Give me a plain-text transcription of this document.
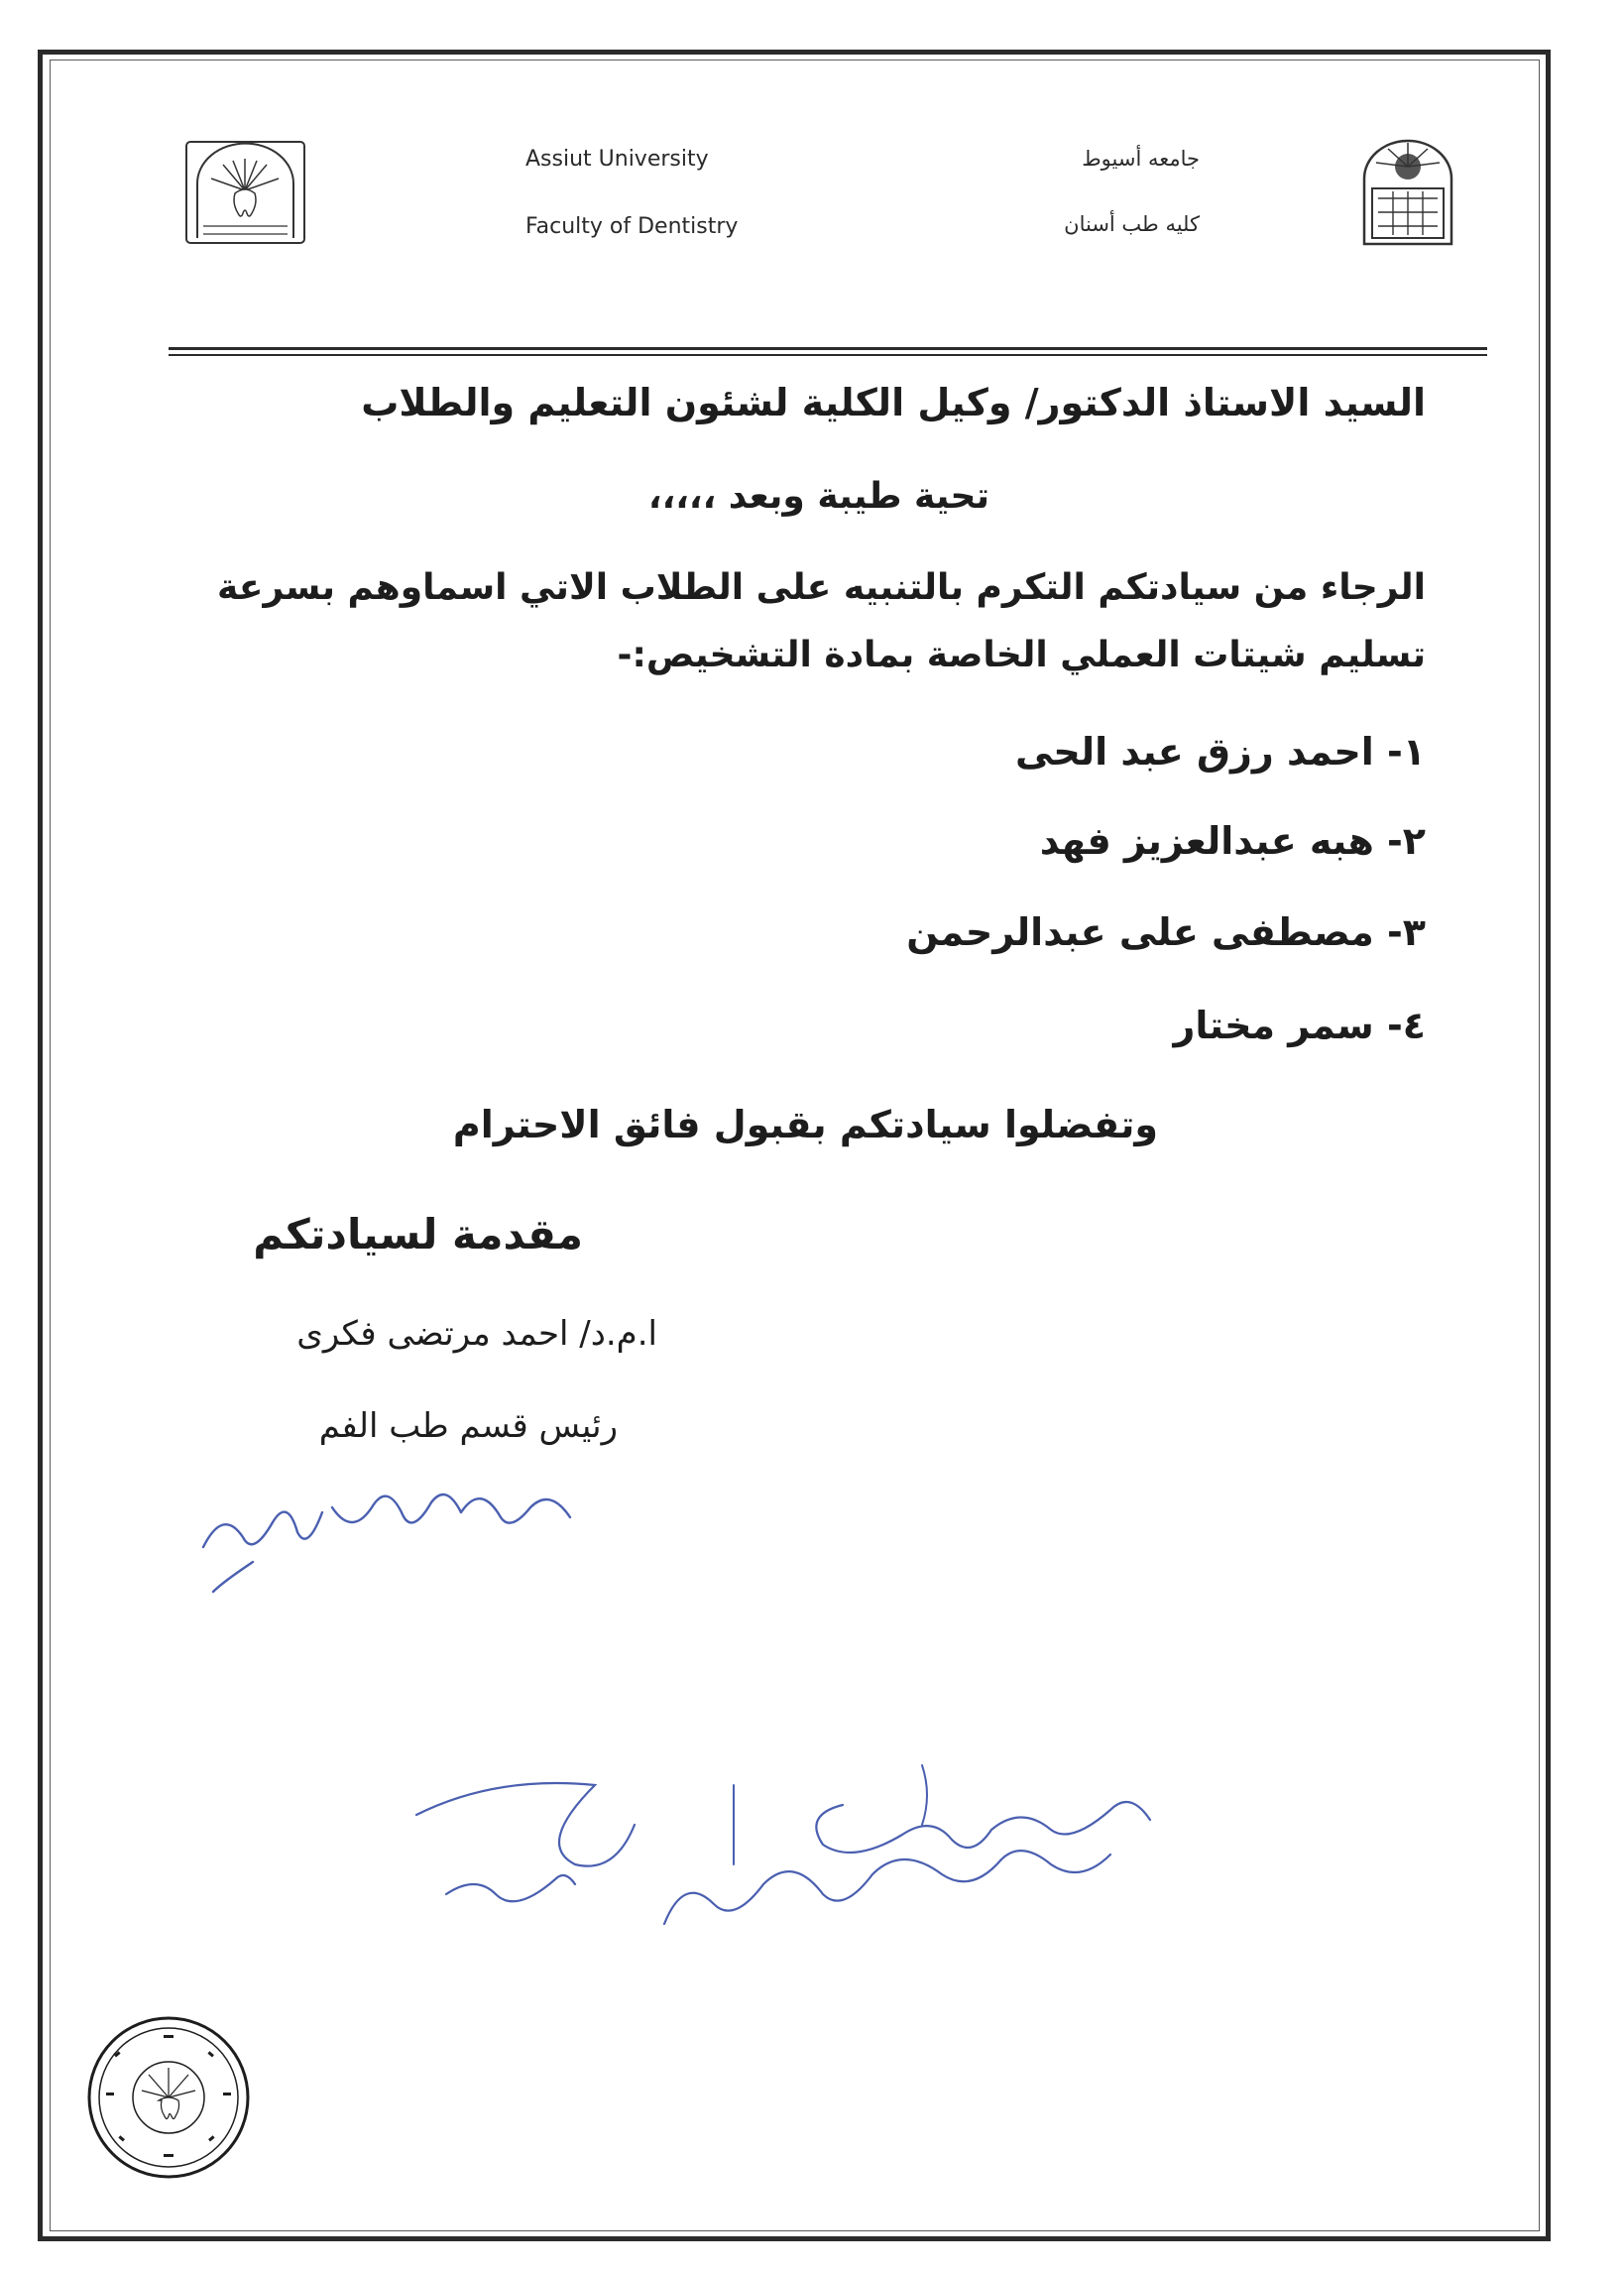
Assiut University
Faculty of Dentistry
جامعه أسيوط
كليه طب أسنان
السيد الاستاذ الدكتور/ وكيل الكلية لشئون التعليم والطلاب
تحية طيبة وبعد ،،،،،
الرجاء من سيادتكم التكرم بالتنبيه على الطلاب الاتي اسماوهم بسرعة
تسليم شيتات العملي الخاصة بمادة التشخيص:-
١- احمد رزق عبد الحى
٢- هبه عبدالعزيز فهد
٣- مصطفى على عبدالرحمن
٤- سمر مختار
وتفضلوا سيادتكم بقبول فائق الاحترام
مقدمة لسيادتكم
ا.م.د/ احمد مرتضى فكرى
رئيس قسم طب الفم
